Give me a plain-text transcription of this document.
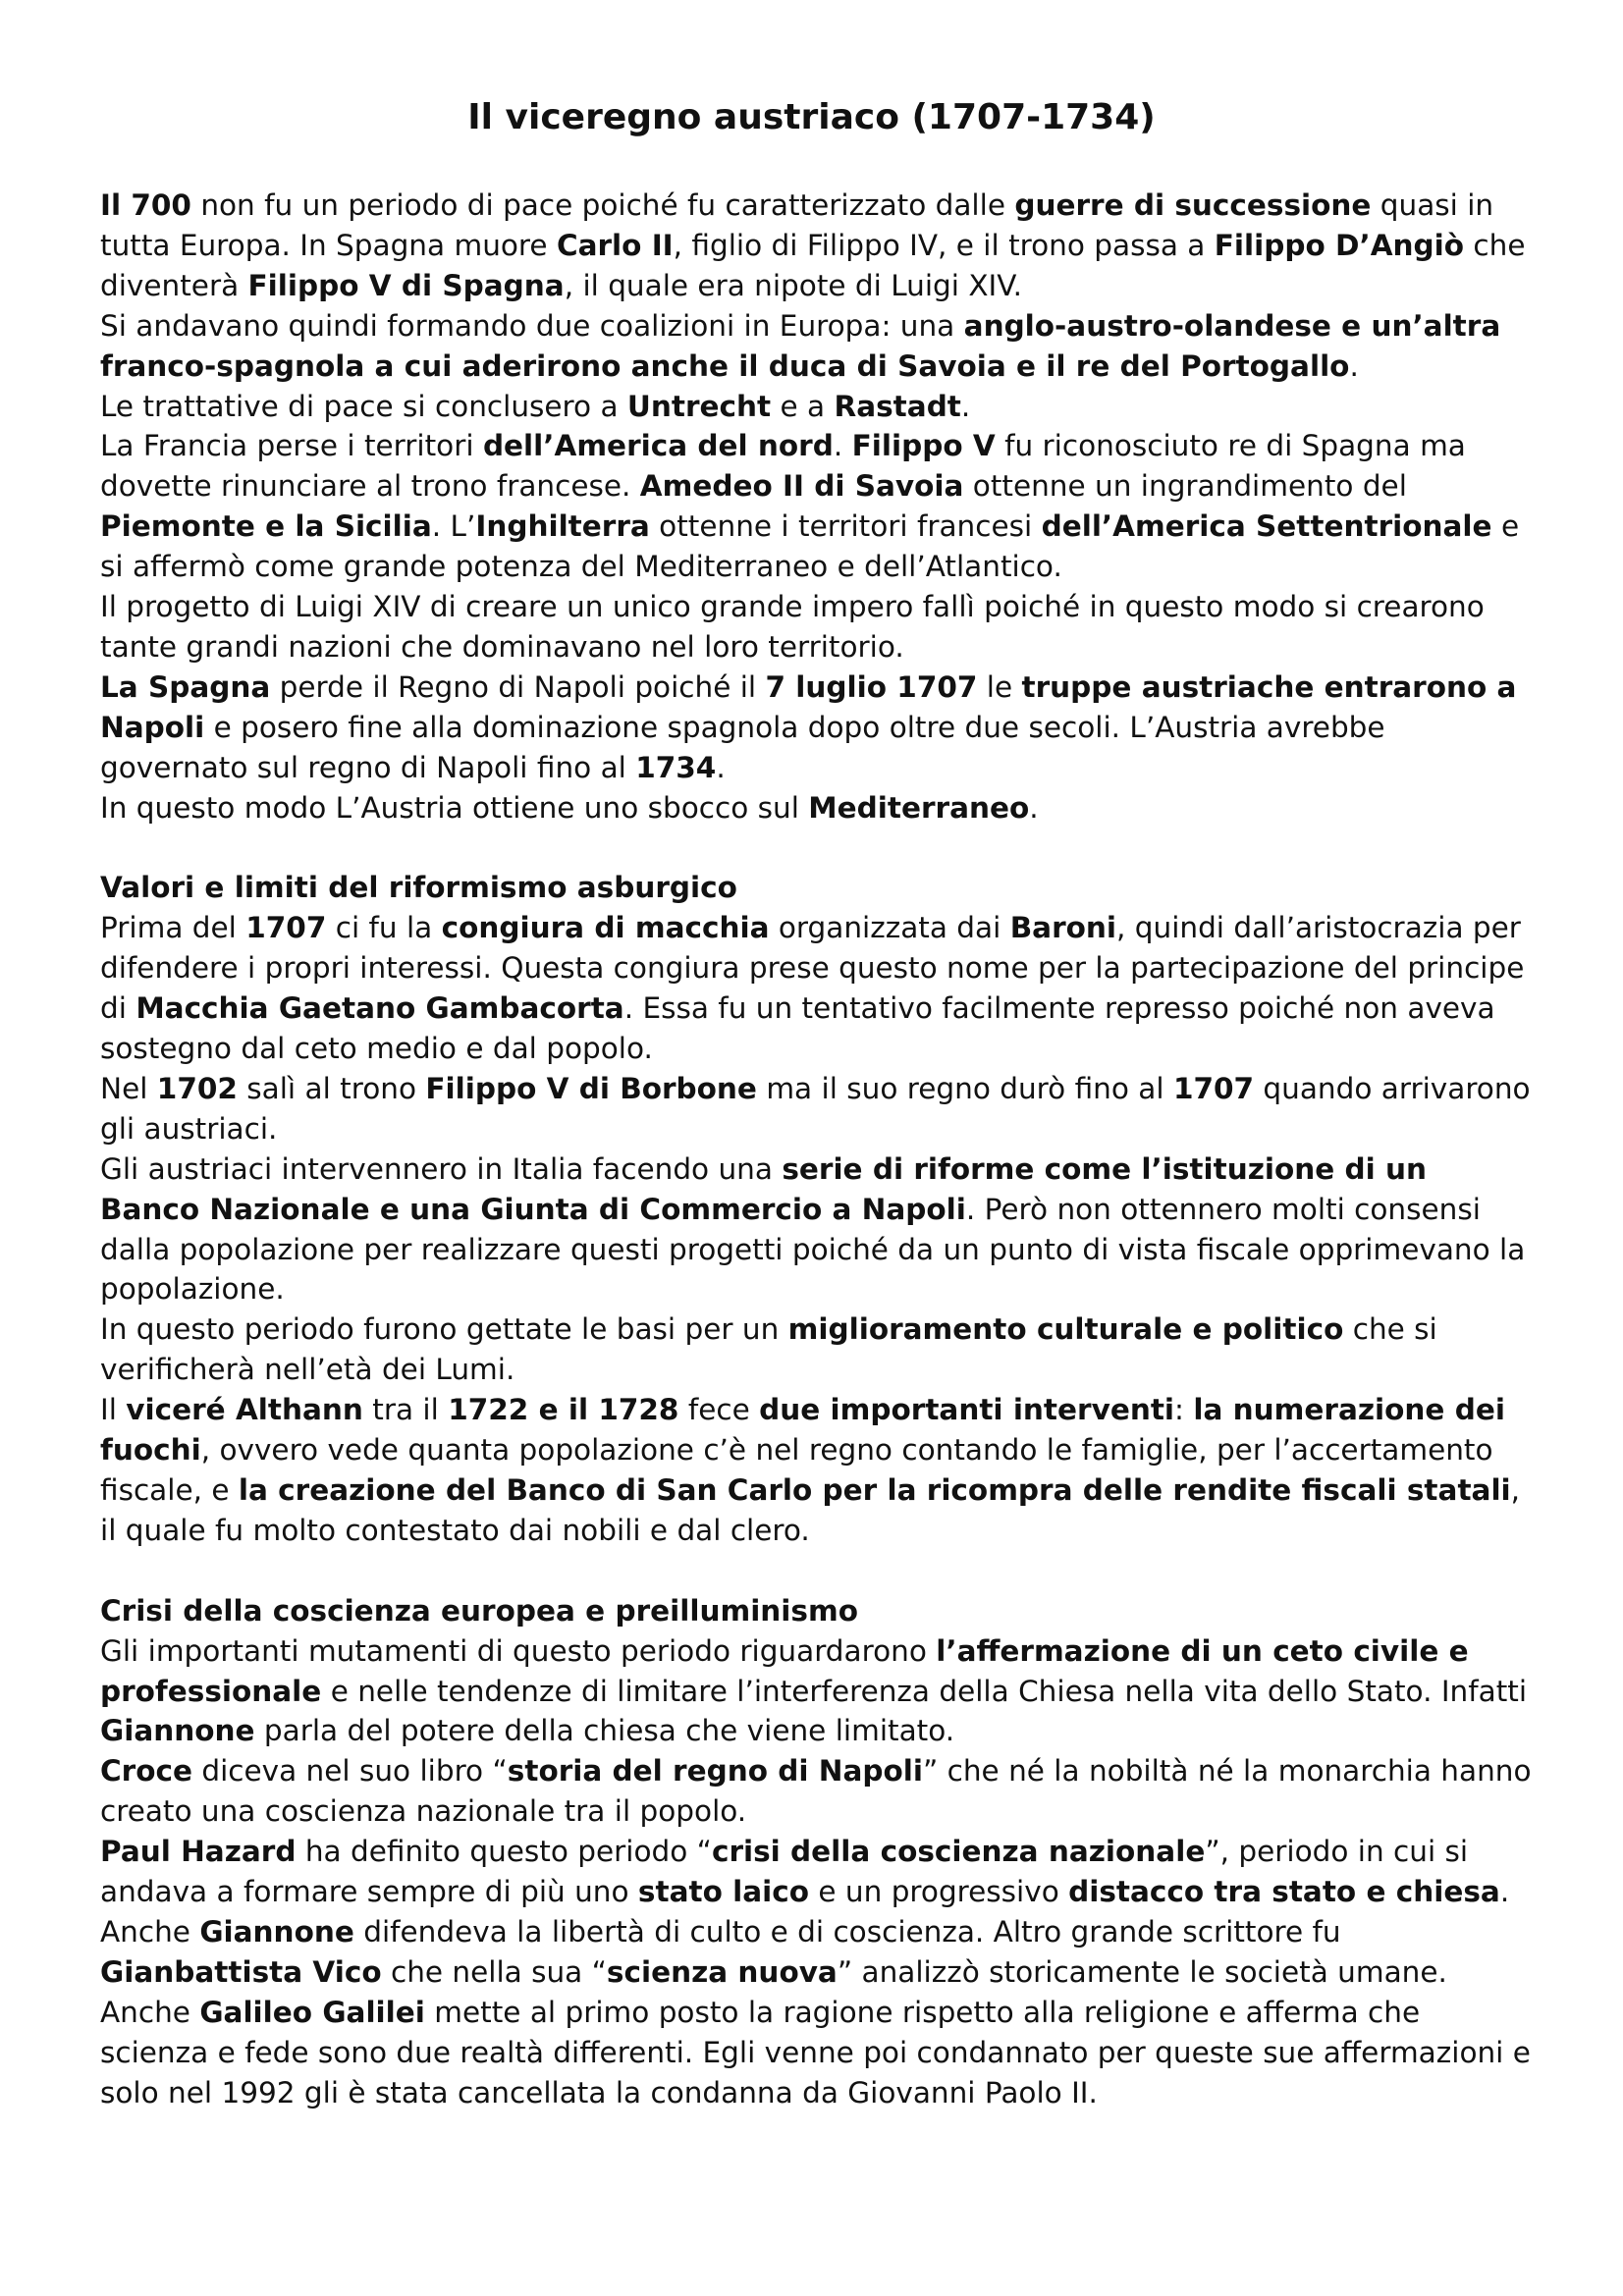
Il viceregno austriaco (1707-1734)

Il 700 non fu un periodo di pace poiché fu caratterizzato dalle guerre di successione quasi in tutta Europa. In Spagna muore Carlo II, figlio di Filippo IV, e il trono passa a Filippo D’Angiò che diventerà Filippo V di Spagna, il quale era nipote di Luigi XIV.

Si andavano quindi formando due coalizioni in Europa: una anglo-austro-olandese e un’altra franco-spagnola a cui aderirono anche il duca di Savoia e il re del Portogallo.

Le trattative di pace si conclusero a Untrecht e a Rastadt.

La Francia perse i territori dell’America del nord. Filippo V fu riconosciuto re di Spagna ma dovette rinunciare al trono francese. Amedeo II di Savoia ottenne un ingrandimento del Piemonte e la Sicilia. L’Inghilterra ottenne i territori francesi dell’America Settentrionale e si affermò come grande potenza del Mediterraneo e dell’Atlantico.

Il progetto di Luigi XIV di creare un unico grande impero fallì poiché in questo modo si crearono tante grandi nazioni che dominavano nel loro territorio.

La Spagna perde il Regno di Napoli poiché il 7 luglio 1707 le truppe austriache entrarono a Napoli e posero fine alla dominazione spagnola dopo oltre due secoli. L’Austria avrebbe governato sul regno di Napoli fino al 1734.

In questo modo L’Austria ottiene uno sbocco sul Mediterraneo.

Valori e limiti del riformismo asburgico

Prima del 1707 ci fu la congiura di macchia organizzata dai Baroni, quindi dall’aristocrazia per difendere i propri interessi. Questa congiura prese questo nome per la partecipazione del principe di Macchia Gaetano Gambacorta. Essa fu un tentativo facilmente represso poiché non aveva sostegno dal ceto medio e dal popolo.

Nel 1702 salì al trono Filippo V di Borbone ma il suo regno durò fino al 1707 quando arrivarono gli austriaci.

Gli austriaci intervennero in Italia facendo una serie di riforme come l’istituzione di un Banco Nazionale e una Giunta di Commercio a Napoli. Però non ottennero molti consensi dalla popolazione per realizzare questi progetti poiché da un punto di vista fiscale opprimevano la popolazione.

In questo periodo furono gettate le basi per un miglioramento culturale e politico che si verificherà nell’età dei Lumi.

Il viceré Althann tra il 1722 e il 1728 fece due importanti interventi: la numerazione dei fuochi, ovvero vede quanta popolazione c’è nel regno contando le famiglie, per l’accertamento fiscale, e la creazione del Banco di San Carlo per la ricompra delle rendite fiscali statali, il quale fu molto contestato dai nobili e dal clero.

Crisi della coscienza europea e preilluminismo

Gli importanti mutamenti di questo periodo riguardarono l’affermazione di un ceto civile e professionale e nelle tendenze di limitare l’interferenza della Chiesa nella vita dello Stato. Infatti Giannone parla del potere della chiesa che viene limitato.

Croce diceva nel suo libro “storia del regno di Napoli” che né la nobiltà né la monarchia hanno creato una coscienza nazionale tra il popolo.

Paul Hazard ha definito questo periodo “crisi della coscienza nazionale”, periodo in cui si andava a formare sempre di più uno stato laico e un progressivo distacco tra stato e chiesa. Anche Giannone difendeva la libertà di culto e di coscienza. Altro grande scrittore fu Gianbattista Vico che nella sua “scienza nuova” analizzò storicamente le società umane. Anche Galileo Galilei mette al primo posto la ragione rispetto alla religione e afferma che scienza e fede sono due realtà differenti. Egli venne poi condannato per queste sue affermazioni e solo nel 1992 gli è stata cancellata la condanna da Giovanni Paolo II.
